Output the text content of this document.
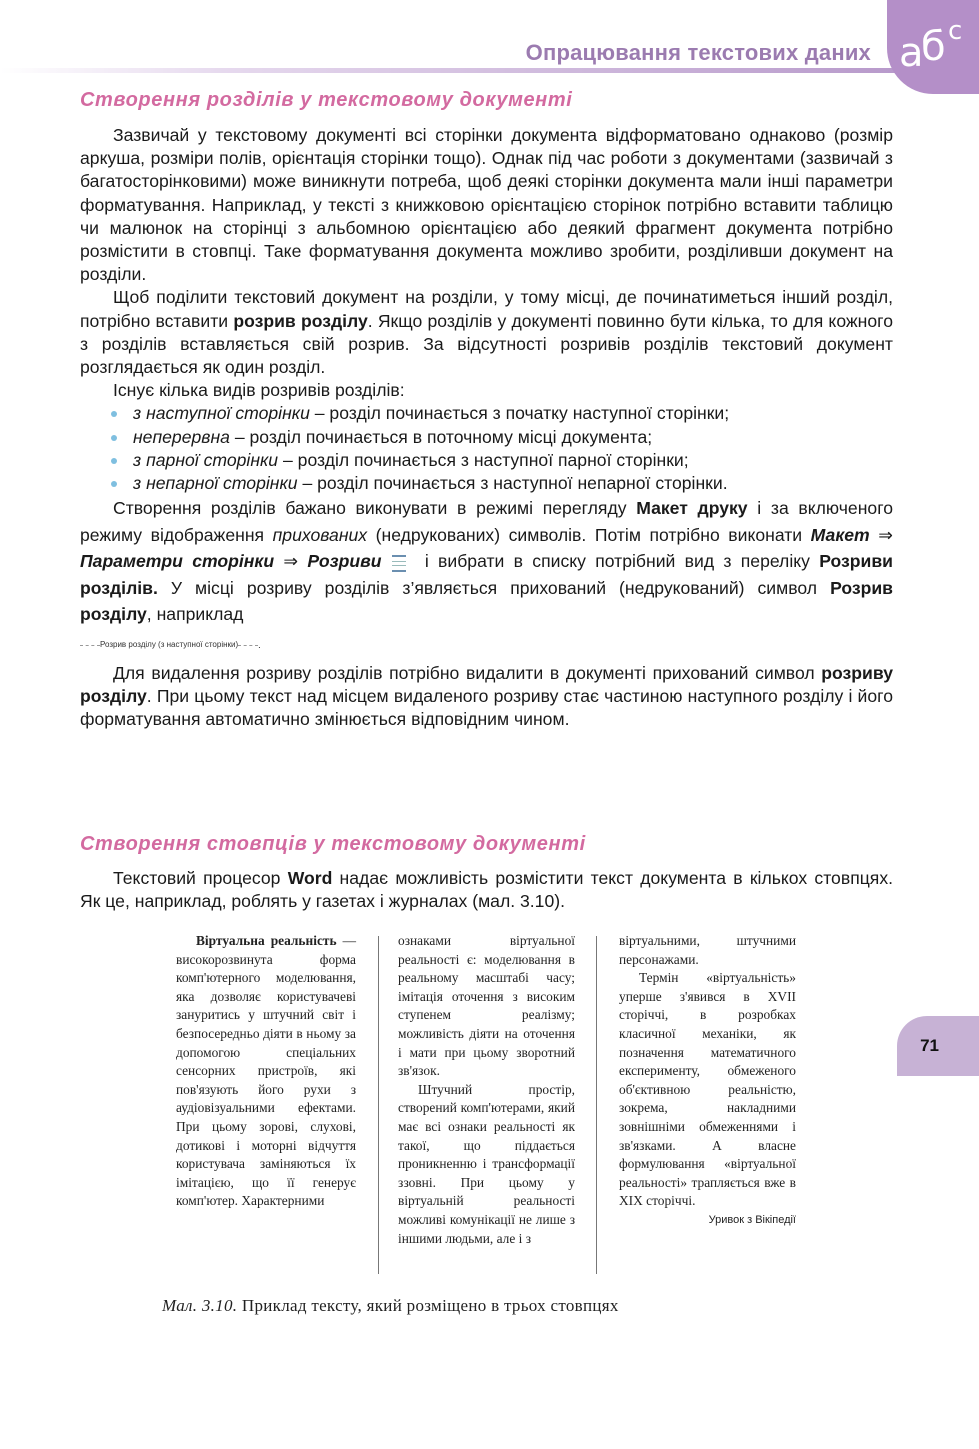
Опрацювання текстових даних а
б с
Створення розділів у текстовому документі

Зазвичай у текстовому документі всі сторінки документа відформатовано однаково (розмір аркуша, розміри полів, орієнтація сторінки тощо). Однак під час роботи з документами (зазвичай з багатосторінковими) може виникнути потреба, щоб деякі сторінки документа мали інші параметри форматування. Наприклад, у тексті з книжковою орієнтацією сторінок потрібно вставити таблицю чи малюнок на сторінці з альбомною орієнтацією або деякий фрагмент документа потрібно розмістити в стовпці. Таке форматування документа можливо зробити, розділивши документ на розділи.

Щоб поділити текстовий документ на розділи, у тому місці, де починатиметься інший розділ, потрібно вставити розрив розділу. Якщо розділів у документі повинно бути кілька, то для кожного з розділів вставляється свій розрив. За відсутності розривів розділів текстовий документ розглядається як один розділ.

Існує кілька видів розривів розділів:

з наступної сторінки – розділ починається з початку наступної сторінки;
неперервна – розділ починається в поточному місці документа;
з парної сторінки – розділ починається з наступної парної сторінки;
з непарної сторінки – розділ починається з наступної непарної сторінки.

Створення розділів бажано виконувати в режимі перегляду Макет друку і за включеного режиму відображення прихованих (недрукованих) символів. Потім потрібно виконати Макет ⇒ Параметри сторінки ⇒ Розриви
і вибрати в списку потрібний вид з переліку Розриви розділів. У місці розриву розділів з’являється прихований (недрукований) символ Розрив розділу, наприклад

Розрив розділу (з наступної сторінки) .

Для видалення розриву розділів потрібно видалити в документі прихований символ розриву розділу. При цьому текст над місцем видаленого розриву стає частиною наступного розділу і його форматування автоматично змінюється відповідним чином.

Створення стовпців у текстовому документі

Текстовий процесор Word надає можливість розмістити текст документа в кількох стовпцях. Як це, наприклад, роблять у газетах і журналах (мал. 3.10).

Віртуальна реальність — високорозвинута форма комп'ютерного моделювання, яка дозволяє користувачеві зануритись у штучний світ і безпосередньо діяти в ньому за допомогою спеціальних сенсорних пристроїв, які пов'язують його рухи з аудіовізуальними ефектами. При цьому зорові, слухові, дотикові і моторні відчуття користувача заміняються їх імітацією, що її генерує комп'ютер. Характерними

ознаками віртуальної реальності є: моделювання в реальному масштабі часу; імітація оточення з високим ступенем реалізму; можливість діяти на оточення і мати при цьому зворотний зв'язок.

Штучний простір, створений комп'ютерами, який має всі ознаки реальності як такої, що піддається проникненню і трансформації ззовні. При цьому у віртуальній реальності можливі комунікації не лише з іншими людьми, але і з

віртуальними, штучними персонажами.

Термін «віртуальність» уперше з'явився в XVII сторіччі, в розробках класичної механіки, як позначення математичного експерименту, обмеженого об'єктивною реальністю, зокрема, накладними зовнішніми обмеженнями і зв'язками. А власне формулювання «віртуальної реальності» трапляється вже в XIX сторіччі.

Уривок з Вікіпедії

Мал. 3.10. Приклад тексту, який розміщено в трьох стовпцях
71
